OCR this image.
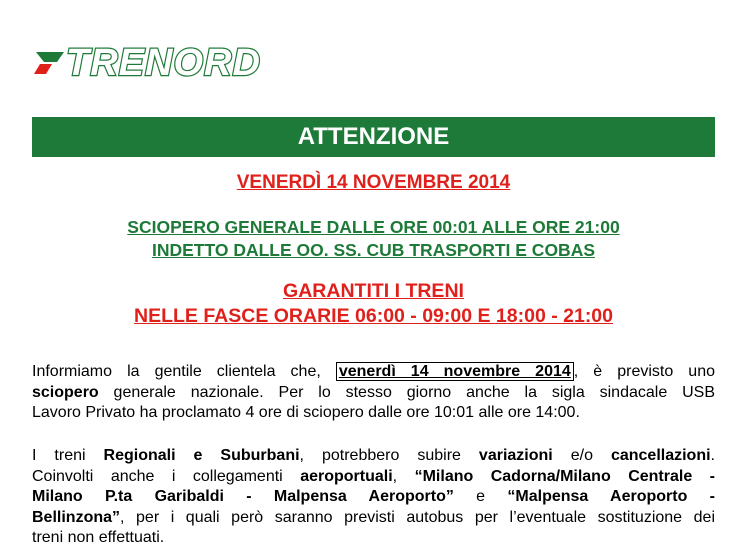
TRENORD
ATTENZIONE
VENERDÌ 14 NOVEMBRE 2014
SCIOPERO GENERALE DALLE ORE 00:01 ALLE ORE 21:00
INDETTO DALLE OO. SS. CUB TRASPORTI E COBAS
GARANTITI I TRENI
NELLE FASCE ORARIE 06:00 - 09:00 E 18:00 - 21:00
Informiamo la gentile clientela che, venerdì 14 novembre 2014 , è previsto uno
sciopero generale nazionale. Per lo stesso giorno anche la sigla sindacale USB
Lavoro Privato ha proclamato 4 ore di sciopero dalle ore 10:01 alle ore 14:00.
I treni Regionali e Suburbani, potrebbero subire variazioni e/o cancellazioni.
Coinvolti anche i collegamenti aeroportuali, “Milano Cadorna/Milano Centrale -
Milano P.ta Garibaldi - Malpensa Aeroporto” e “Malpensa Aeroporto -
Bellinzona”, per i quali però saranno previsti autobus per l’eventuale sostituzione dei
treni non effettuati.
